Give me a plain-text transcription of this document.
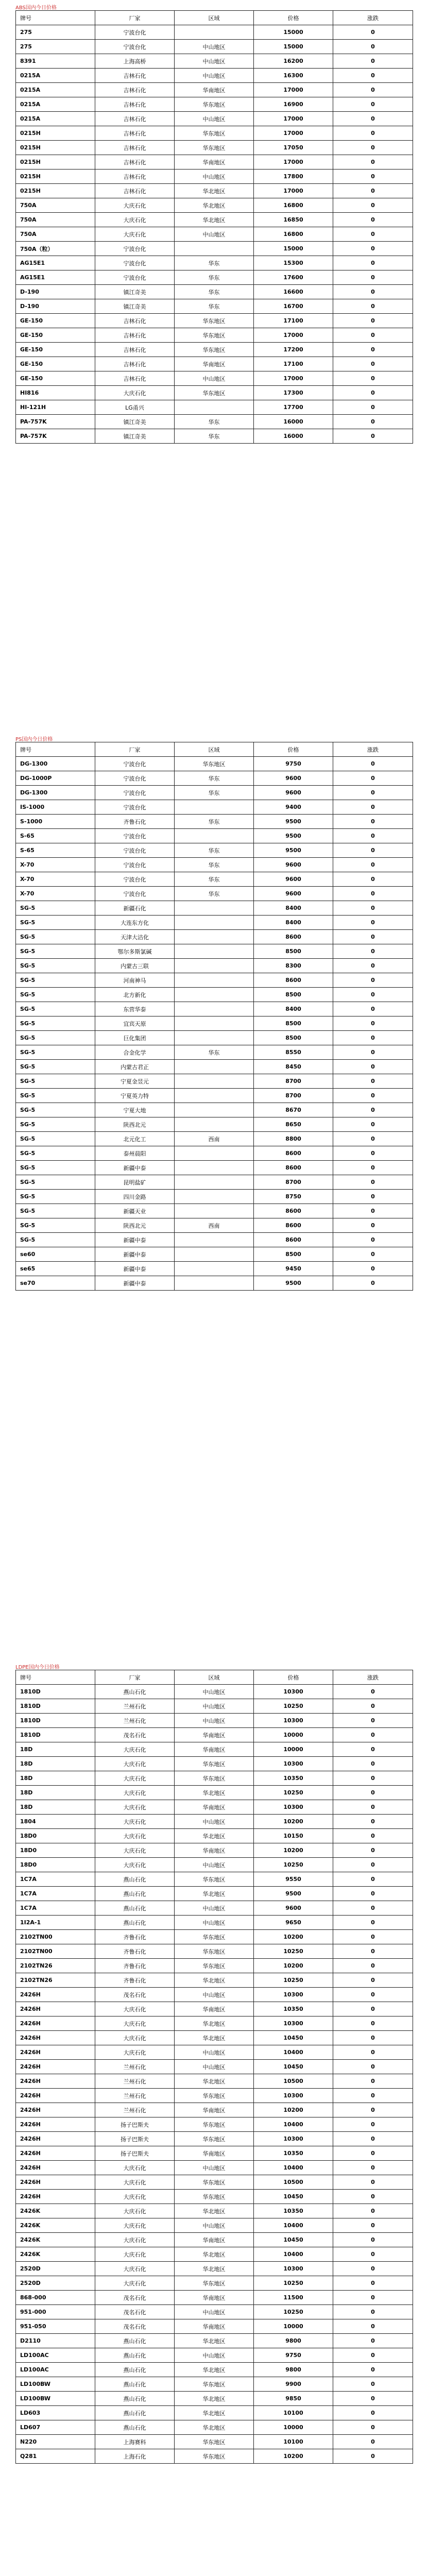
ABS国内今日价格
牌号	厂家	区域	价格	涨跌
275	宁波台化		15000	0
275	宁波台化	中山地区	15000	0
8391	上海高桥	中山地区	16200	0
0215A	吉林石化	中山地区	16300	0
0215A	吉林石化	华南地区	17000	0
0215A	吉林石化	华东地区	16900	0
0215A	吉林石化	中山地区	17000	0
0215H	吉林石化	华东地区	17000	0
0215H	吉林石化	华东地区	17050	0
0215H	吉林石化	华南地区	17000	0
0215H	吉林石化	中山地区	17800	0
0215H	吉林石化	华北地区	17000	0
750A	大庆石化	华北地区	16800	0
750A	大庆石化	华北地区	16850	0
750A	大庆石化	中山地区	16800	0
750A（粒）	宁波台化		15000	0
AG15E1	宁波台化	华东	15300	0
AG15E1	宁波台化	华东	17600	0
D-190	镇江奇美	华东	16600	0
D-190	镇江奇美	华东	16700	0
GE-150	吉林石化	华东地区	17100	0
GE-150	吉林石化	华东地区	17000	0
GE-150	吉林石化	华东地区	17200	0
GE-150	吉林石化	华南地区	17100	0
GE-150	吉林石化	中山地区	17000	0
HI816	大庆石化	华东地区	17300	0
HI-121H	LG甬兴		17700	0
PA-757K	镇江奇美	华东	16000	0
PA-757K	镇江奇美	华东	16000	0
PS国内今日价格
牌号	厂家	区域	价格	涨跌
DG-1300	宁波台化	华东地区	9750	0
DG-1000P	宁波台化	华东	9600	0
DG-1300	宁波台化	华东	9600	0
IS-1000	宁波台化		9400	0
S-1000	齐鲁石化	华东	9500	0
S-65	宁波台化		9500	0
S-65	宁波台化	华东	9500	0
X-70	宁波台化	华东	9600	0
X-70	宁波台化	华东	9600	0
X-70	宁波台化	华东	9600	0
SG-5	新疆石化		8400	0
SG-5	大连东方化		8400	0
SG-5	天津大沽化		8600	0
SG-5	鄂尔多斯氯碱		8500	0
SG-5	内蒙古三联		8300	0
SG-5	河南神马		8600	0
SG-5	北方新化		8500	0
SG-5	东营华泰		8400	0
SG-5	宜宾天原		8500	0
SG-5	巨化集团		8500	0
SG-5	合金化学	华东	8550	0
SG-5	内蒙古君正		8450	0
SG-5	宁夏金昱元		8700	0
SG-5	宁夏英力特		8700	0
SG-5	宁夏大地		8670	0
SG-5	陕西北元		8650	0
SG-5	北元化工	西南	8800	0
SG-5	泰州晨阳		8600	0
SG-5	新疆中泰		8600	0
SG-5	昆明盐矿		8700	0
SG-5	四川金路		8750	0
SG-5	新疆天业		8600	0
SG-5	陕西北元	西南	8600	0
SG-5	新疆中泰		8600	0
se60	新疆中泰		8500	0
se65	新疆中泰		9450	0
se70	新疆中泰		9500	0
LDPE国内今日价格
牌号	厂家	区域	价格	涨跌
1810D	燕山石化	中山地区	10300	0
1810D	兰州石化	中山地区	10250	0
1810D	兰州石化	中山地区	10300	0
1810D	茂名石化	华南地区	10000	0
18D	大庆石化	华南地区	10000	0
18D	大庆石化	华东地区	10300	0
18D	大庆石化	华东地区	10350	0
18D	大庆石化	华北地区	10250	0
18D	大庆石化	华南地区	10300	0
1804	大庆石化	中山地区	10200	0
18D0	大庆石化	华北地区	10150	0
18D0	大庆石化	华南地区	10200	0
18D0	大庆石化	中山地区	10250	0
1C7A	燕山石化	华东地区	9550	0
1C7A	燕山石化	华北地区	9500	0
1C7A	燕山石化	中山地区	9600	0
1I2A-1	燕山石化	中山地区	9650	0
2102TN00	齐鲁石化	华东地区	10200	0
2102TN00	齐鲁石化	华东地区	10250	0
2102TN26	齐鲁石化	华东地区	10200	0
2102TN26	齐鲁石化	华北地区	10250	0
2426H	茂名石化	中山地区	10300	0
2426H	大庆石化	华南地区	10350	0
2426H	大庆石化	华北地区	10300	0
2426H	大庆石化	华北地区	10450	0
2426H	大庆石化	中山地区	10400	0
2426H	兰州石化	中山地区	10450	0
2426H	兰州石化	华北地区	10500	0
2426H	兰州石化	华东地区	10300	0
2426H	兰州石化	华南地区	10200	0
2426H	扬子巴斯夫	华东地区	10400	0
2426H	扬子巴斯夫	华东地区	10300	0
2426H	扬子巴斯夫	华南地区	10350	0
2426H	大庆石化	中山地区	10400	0
2426H	大庆石化	华东地区	10500	0
2426H	大庆石化	华东地区	10450	0
2426K	大庆石化	华北地区	10350	0
2426K	大庆石化	中山地区	10400	0
2426K	大庆石化	华南地区	10450	0
2426K	大庆石化	华北地区	10400	0
2520D	大庆石化	华北地区	10300	0
2520D	大庆石化	华东地区	10250	0
868-000	茂名石化	华南地区	11500	0
951-000	茂名石化	中山地区	10250	0
951-050	茂名石化	华南地区	10000	0
D2110	燕山石化	华北地区	9800	0
LD100AC	燕山石化	中山地区	9750	0
LD100AC	燕山石化	华北地区	9800	0
LD100BW	燕山石化	华东地区	9900	0
LD100BW	燕山石化	华北地区	9850	0
LD603	燕山石化	华北地区	10100	0
LD607	燕山石化	华北地区	10000	0
N220	上海赛科	华东地区	10100	0
Q281	上海石化	华东地区	10200	0
